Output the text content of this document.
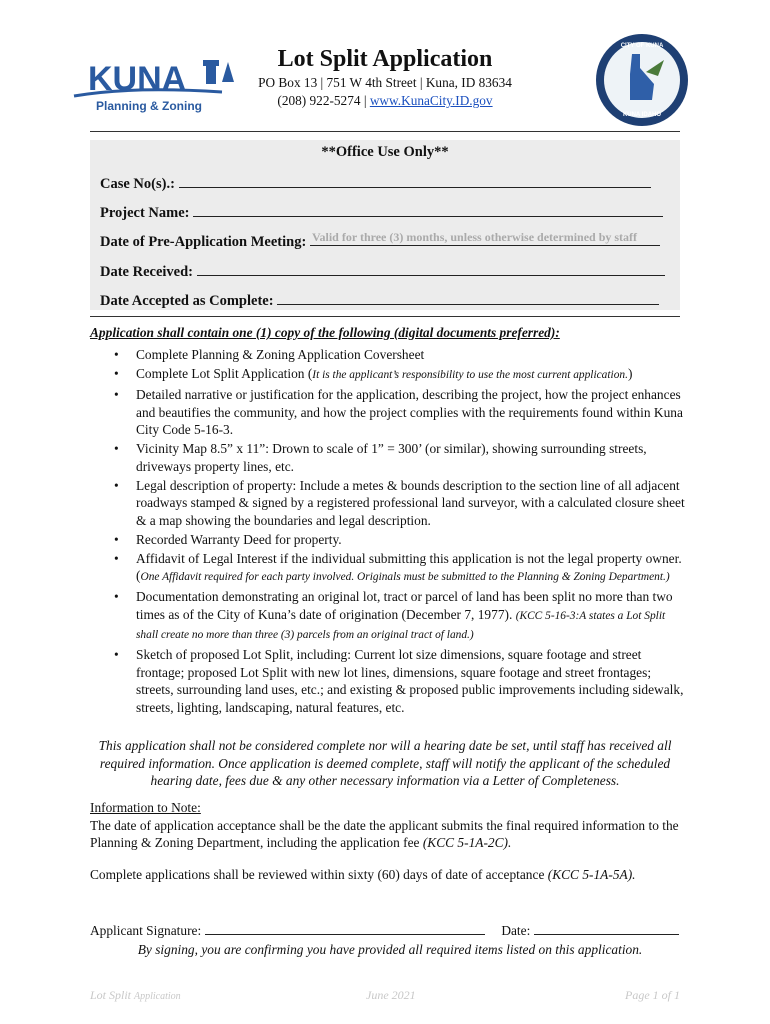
KUNA
Planning & Zoning
Lot Split Application
PO Box 13 | 751 W 4th Street | Kuna, ID 83634
(208) 922-5274 | www.KunaCity.ID.gov
KUNA IDAHO
CITY OF KUNA
**Office Use Only**
Case No(s).:
Project Name:
Date of Pre-Application Meeting: Valid for three (3) months, unless otherwise determined by staff
Date Received:
Date Accepted as Complete:
Application shall contain one (1) copy of the following (digital documents preferred):
• Complete Planning & Zoning Application Coversheet
• Complete Lot Split Application (It is the applicant’s responsibility to use the most current application.)
• Detailed narrative or justification for the application, describing the project, how the project enhances and beautifies the community, and how the project complies with the requirements found within Kuna City Code 5-16-3.
• Vicinity Map 8.5” x 11”: Drown to scale of 1” = 300’ (or similar), showing surrounding streets, driveways property lines, etc.
• Legal description of property: Include a metes & bounds description to the section line of all adjacent roadways stamped & signed by a registered professional land surveyor, with a calculated closure sheet & a map showing the boundaries and legal description.
• Recorded Warranty Deed for property.
• Affidavit of Legal Interest if the individual submitting this application is not the legal property owner. (One Affidavit required for each party involved. Originals must be submitted to the Planning & Zoning Department.)
• Documentation demonstrating an original lot, tract or parcel of land has been split no more than two times as of the City of Kuna’s date of origination (December 7, 1977). (KCC 5-16-3:A states a Lot Split shall create no more than three (3) parcels from an original tract of land.)
• Sketch of proposed Lot Split, including: Current lot size dimensions, square footage and street frontage; proposed Lot Split with new lot lines, dimensions, square footage and street frontages; streets, surrounding land uses, etc.; and existing & proposed public improvements including sidewalk, streets, lighting, landscaping, natural features, etc.
This application shall not be considered complete nor will a hearing date be set, until staff has received all required information. Once application is deemed complete, staff will notify the applicant of the scheduled hearing date, fees due & any other necessary information via a Letter of Completeness.

Information to Note:

The date of application acceptance shall be the date the applicant submits the final required information to the Planning & Zoning Department, including the application fee (KCC 5-1A-2C).

Complete applications shall be reviewed within sixty (60) days of date of acceptance (KCC 5-1A-5A).

Applicant Signature:	Date:
By signing, you are confirming you have provided all required items listed on this application.
Lot Split Application	June 2021	Page 1 of 1
